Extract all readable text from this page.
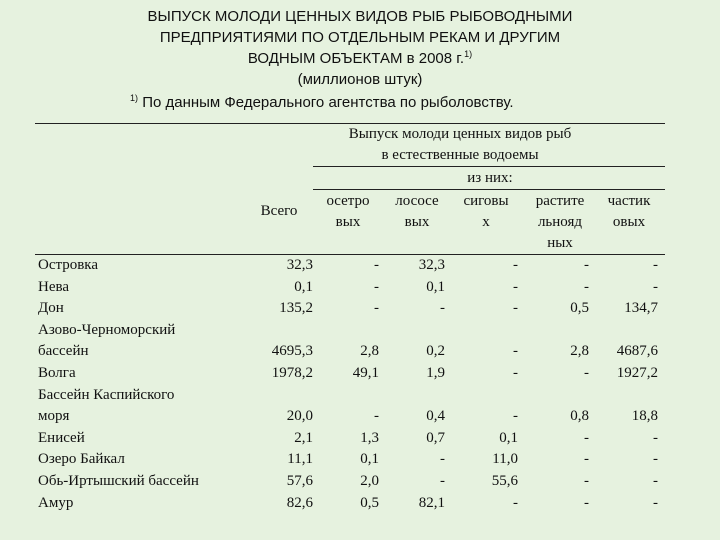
ВЫПУСК МОЛОДИ ЦЕННЫХ ВИДОВ РЫБ РЫБОВОДНЫМИ
ПРЕДПРИЯТИЯМИ ПО ОТДЕЛЬНЫМ РЕКАМ И ДРУГИМ
ВОДНЫМ ОБЪЕКТАМ в 2008 г.$^{1)}$
(миллионов штук)
$^{1)}$ По данным Федерального агентства по рыболовству.
Выпуск молоди ценных видов рыб
в естественные водоемы
из них:
Всего
осетро
вых
лососе
вых
сиговы
х
растите
льнояд
ных
частик
овых
Островка
Нева
Дон
Азово-Черноморский
бассейн
Волга
Бассейн Каспийского
моря
Енисей
Озеро Байкал
Обь-Иртышский бассейн
Амур
32,3
0,1
135,2
4695,3
1978,2
20,0
2,1
11,1
57,6
82,6
-
-
-
2,8
49,1
-
1,3
0,1
2,0
0,5
32,3
0,1
-
0,2
1,9
0,4
0,7
-
-
82,1
-
-
-
-
-
-
0,1
11,0
55,6
-
-
-
0,5
2,8
-
0,8
-
-
-
-
-
-
134,7
4687,6
1927,2
18,8
-
-
-
-
